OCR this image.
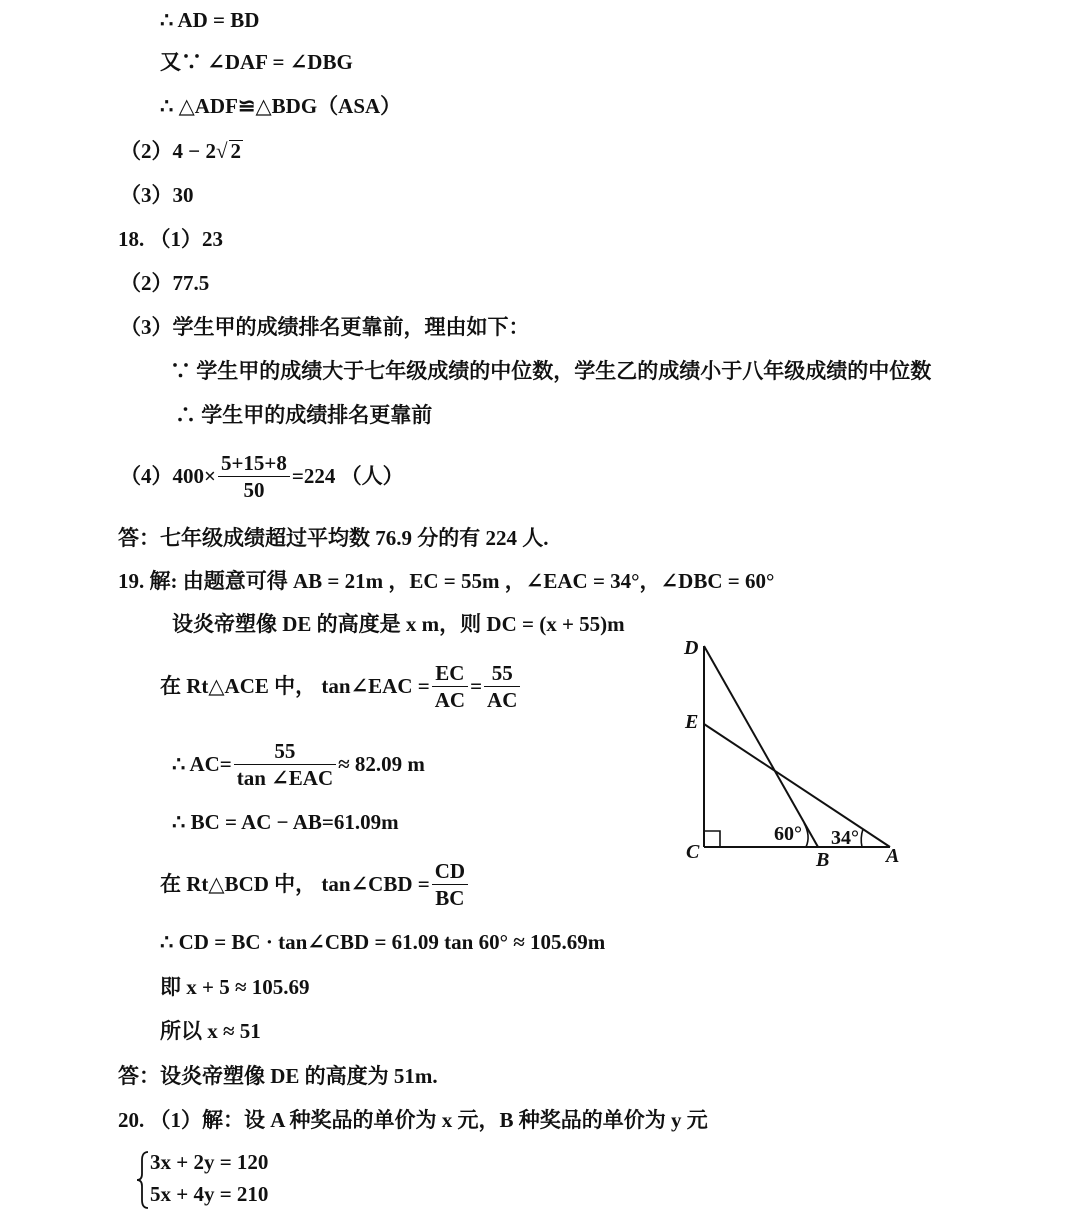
∴ AD = BD
又∵ ∠DAF = ∠DBG
∴ △ADF≌△BDG（ASA）
（2）4 − 2√ 2
（3）30
18. （1）23
（2）77.5
（3）学生甲的成绩排名更靠前，理由如下：
∵ 学生甲的成绩大于七年级成绩的中位数，学生乙的成绩小于八年级成绩的中位数
∴ 学生甲的成绩排名更靠前
$(4)400\times \frac{5+15+8}{50} =224$ （人）
答：七年级成绩超过平均数 76.9 分的有 224 人.
19. 解: 由题意可得 AB = 21m ，EC = 55m ，∠EAC = 34°，∠DBC = 60°
设炎帝塑像 DE 的高度是 x m，则 DC = (x + 55)m
在 Rt△ACE 中， tan∠EAC = $\frac{EC}{AC} = \frac{55}{AC}$
∴ $AC= \frac{55}{\text{tan ∠EAC}} \approx 82.09$ m
∴ BC = AC − AB=61.09m
在 Rt△BCD 中， tan∠CBD = $\frac{CD}{BC}$
∴ CD = BC · tan∠CBD = 61.09 tan 60° ≈ 105.69m
即 x + 5 ≈ 105.69
所以 x ≈ 51
答：设炎帝塑像 DE 的高度为 51m.
20. （1）解：设 A 种奖品的单价为 x 元，B 种奖品的单价为 y 元
3x + 2y = 120
5x + 4y = 210
D
E
C	B	A
60° 34°
